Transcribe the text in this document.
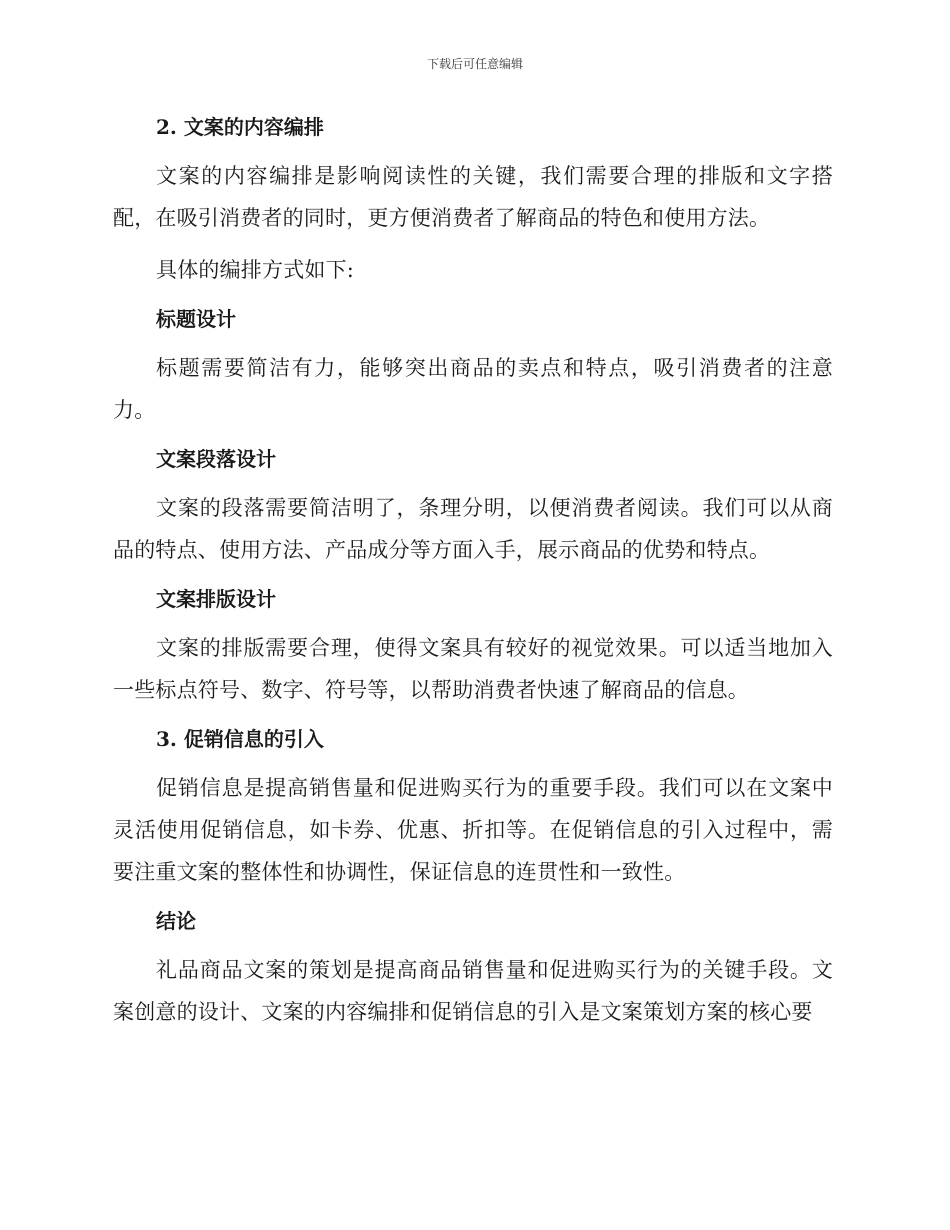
下载后可任意编辑
2. 文案的内容编排

文案的内容编排是影响阅读性的关键，我们需要合理的排版和文字搭配，在吸引消费者的同时，更方便消费者了解商品的特色和使用方法。

具体的编排方式如下:

标题设计

标题需要简洁有力，能够突出商品的卖点和特点，吸引消费者的注意力。

文案段落设计

文案的段落需要简洁明了，条理分明，以便消费者阅读。我们可以从商品的特点、使用方法、产品成分等方面入手，展示商品的优势和特点。

文案排版设计

文案的排版需要合理，使得文案具有较好的视觉效果。可以适当地加入一些标点符号、数字、符号等，以帮助消费者快速了解商品的信息。

3. 促销信息的引入

促销信息是提高销售量和促进购买行为的重要手段。我们可以在文案中灵活使用促销信息，如卡券、优惠、折扣等。在促销信息的引入过程中，需要注重文案的整体性和协调性，保证信息的连贯性和一致性。

结论

礼品商品文案的策划是提高商品销售量和促进购买行为的关键手段。文案创意的设计、文案的内容编排和促销信息的引入是文案策划方案的核心要
